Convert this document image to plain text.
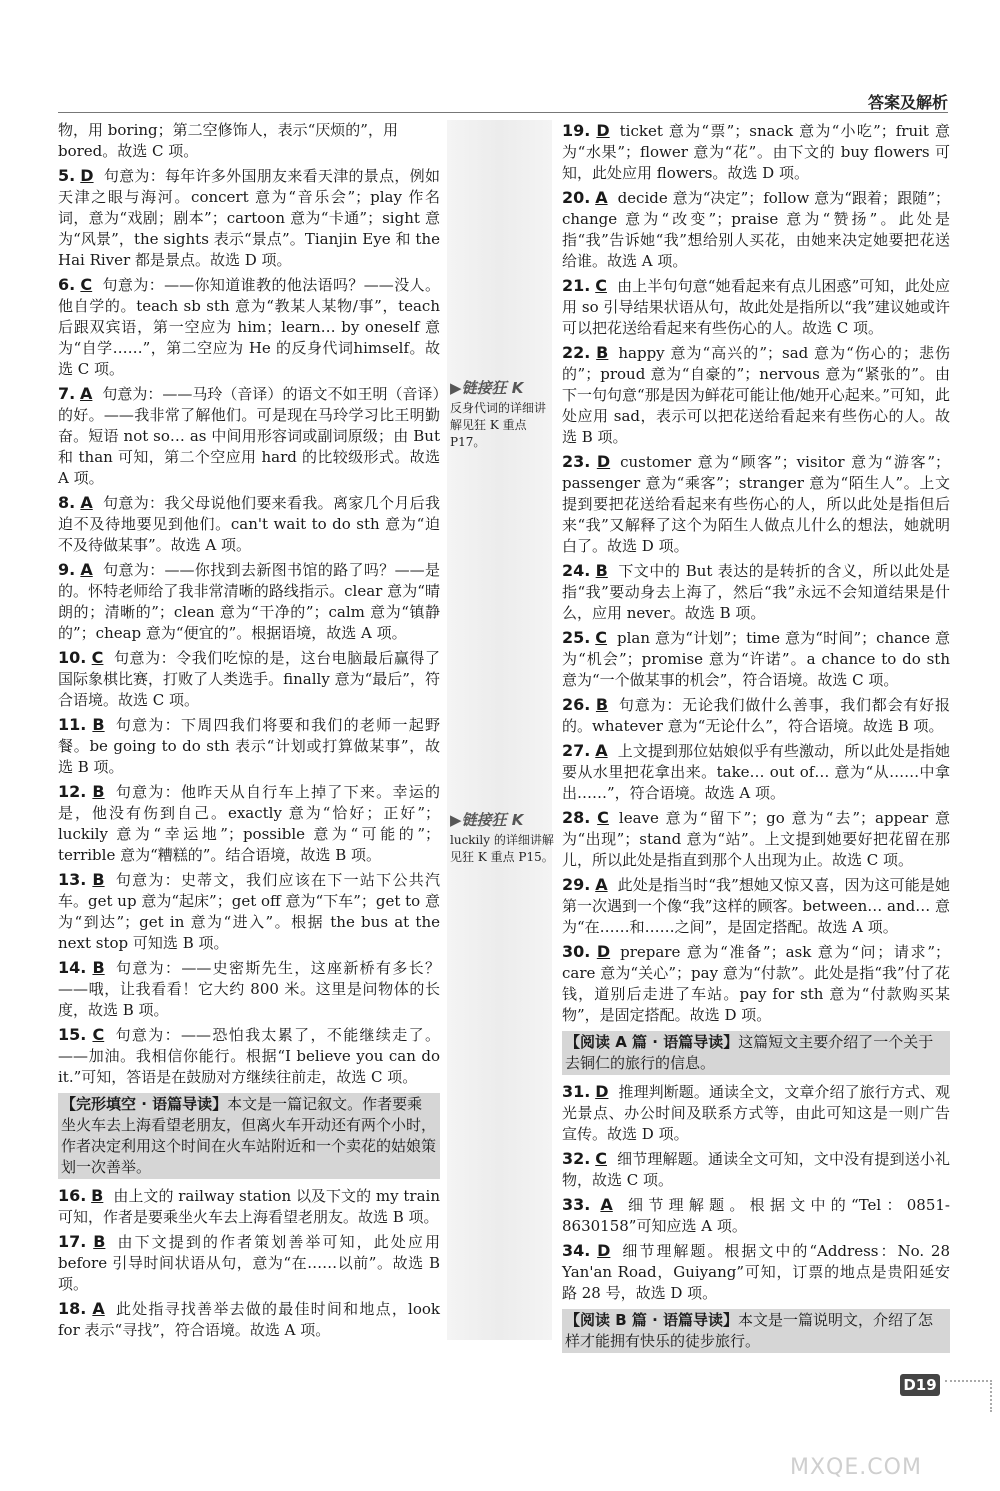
答案及解析
物，用 boring；第二空修饰人，表示“厌烦的”，用 bored。故选 C 项。
5. D 句意为：每年许多外国朋友来看天津的景点，例如天津之眼与海河。concert 意为“音乐会”；play 作名词，意为“戏剧；剧本”；cartoon 意为“卡通”；sight 意为“风景”，the sights 表示“景点”。Tianjin Eye 和 the Hai River 都是景点。故选 D 项。
6. C 句意为：——你知道谁教的他法语吗？——没人。他自学的。teach sb sth 意为“教某人某物/事”，teach 后跟双宾语，第一空应为 him；learn… by oneself 意为“自学……”，第二空应为 He 的反身代词himself。故选 C 项。
7. A 句意为：——马玲（音译）的语文不如王明（音译）的好。——我非常了解他们。可是现在马玲学习比王明勤奋。短语 not so… as 中间用形容词或副词原级；由 But 和 than 可知，第二个空应用 hard 的比较级形式。故选 A 项。
8. A 句意为：我父母说他们要来看我。离家几个月后我迫不及待地要见到他们。can't wait to do sth 意为“迫不及待做某事”。故选 A 项。
9. A 句意为：——你找到去新图书馆的路了吗？——是的。怀特老师给了我非常清晰的路线指示。clear 意为“晴朗的；清晰的”；clean 意为“干净的”；calm 意为“镇静的”；cheap 意为“便宜的”。根据语境，故选 A 项。
10. C 句意为：令我们吃惊的是，这台电脑最后赢得了国际象棋比赛，打败了人类选手。finally 意为“最后”，符合语境。故选 C 项。
11. B 句意为：下周四我们将要和我们的老师一起野餐。be going to do sth 表示“计划或打算做某事”，故选 B 项。
12. B 句意为：他昨天从自行车上掉了下来。幸运的是，他没有伤到自己。exactly 意为“恰好；正好”；luckily 意为“幸运地”；possible 意为“可能的”；terrible 意为“糟糕的”。结合语境，故选 B 项。
13. B 句意为：史蒂文，我们应该在下一站下公共汽车。get up 意为“起床”；get off 意为“下车”；get to 意为“到达”；get in 意为“进入”。根据 the bus at the next stop 可知选 B 项。
14. B 句意为：——史密斯先生，这座新桥有多长？——哦，让我看看！它大约 800 米。这里是问物体的长度，故选 B 项。
15. C 句意为：——恐怕我太累了，不能继续走了。——加油。我相信你能行。根据“I believe you can do it.”可知，答语是在鼓励对方继续往前走，故选 C 项。
【完形填空 · 语篇导读】本文是一篇记叙文。作者要乘坐火车去上海看望老朋友，但离火车开动还有两个小时，作者决定利用这个时间在火车站附近和一个卖花的姑娘策划一次善举。
16. B 由上文的 railway station 以及下文的 my train 可知，作者是要乘坐火车去上海看望老朋友。故选 B 项。
17. B 由下文提到的作者策划善举可知，此处应用 before 引导时间状语从句，意为“在……以前”。故选 B 项。
18. A 此处指寻找善举去做的最佳时间和地点，look for 表示“寻找”，符合语境。故选 A 项。
19. D ticket 意为“票”；snack 意为“小吃”；fruit 意为“水果”；flower 意为“花”。由下文的 buy flowers 可知，此处应用 flowers。故选 D 项。
20. A decide 意为“决定”；follow 意为“跟着；跟随”；change 意为“改变”；praise 意为“赞扬”。此处是指“我”告诉她“我”想给别人买花，由她来决定她要把花送给谁。故选 A 项。
21. C 由上半句句意“她看起来有点儿困惑”可知，此处应用 so 引导结果状语从句，故此处是指所以“我”建议她或许可以把花送给看起来有些伤心的人。故选 C 项。
22. B happy 意为“高兴的”；sad 意为“伤心的；悲伤的”；proud 意为“自豪的”；nervous 意为“紧张的”。由下一句句意“那是因为鲜花可能让他/她开心起来。”可知，此处应用 sad，表示可以把花送给看起来有些伤心的人。故选 B 项。
23. D customer 意为“顾客”；visitor 意为“游客”；passenger 意为“乘客”；stranger 意为“陌生人”。上文提到要把花送给看起来有些伤心的人，所以此处是指但后来“我”又解释了这个为陌生人做点儿什么的想法，她就明白了。故选 D 项。
24. B 下文中的 But 表达的是转折的含义，所以此处是指“我”要动身去上海了，然后“我”永远不会知道结果是什么，应用 never。故选 B 项。
25. C plan 意为“计划”；time 意为“时间”；chance 意为“机会”；promise 意为“许诺”。a chance to do sth 意为“一个做某事的机会”，符合语境。故选 C 项。
26. B 句意为：无论我们做什么善事，我们都会有好报的。whatever 意为“无论什么”，符合语境。故选 B 项。
27. A 上文提到那位姑娘似乎有些激动，所以此处是指她要从水里把花拿出来。take… out of… 意为“从……中拿出……”，符合语境。故选 A 项。
28. C leave 意为“留下”；go 意为“去”；appear 意为“出现”；stand 意为“站”。上文提到她要好把花留在那儿，所以此处是指直到那个人出现为止。故选 C 项。
29. A 此处是指当时“我”想她又惊又喜，因为这可能是她第一次遇到一个像“我”这样的顾客。between… and… 意为“在……和……之间”，是固定搭配。故选 A 项。
30. D prepare 意为“准备”；ask 意为“问；请求”；care 意为“关心”；pay 意为“付款”。此处是指“我”付了花钱，道别后走进了车站。pay for sth 意为“付款购买某物”，是固定搭配。故选 D 项。
【阅读 A 篇 · 语篇导读】这篇短文主要介绍了一个关于去铜仁的旅行的信息。
31. D 推理判断题。通读全文，文章介绍了旅行方式、观光景点、办公时间及联系方式等，由此可知这是一则广告宣传。故选 D 项。
32. C 细节理解题。通读全文可知，文中没有提到送小礼物，故选 C 项。
33. A 细节理解题。根据文中的“Tel：0851-8630158”可知应选 A 项。
34. D 细节理解题。根据文中的“Address：No. 28 Yan'an Road，Guiyang”可知，订票的地点是贵阳延安路 28 号，故选 D 项。
【阅读 B 篇 · 语篇导读】本文是一篇说明文，介绍了怎样才能拥有快乐的徒步旅行。
▶链接狂 K
反身代词的详细讲解见狂 K 重点 P17。
▶链接狂 K
luckily 的详细讲解见狂 K 重点 P15。
D19
MXQE.COM
